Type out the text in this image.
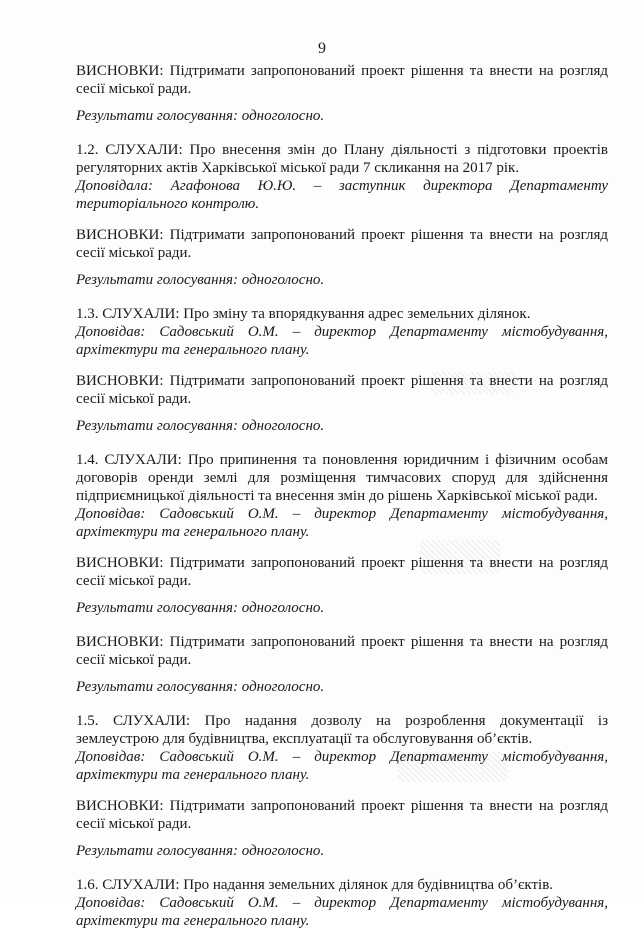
9

ВИСНОВКИ: Підтримати запропонований проект рішення та внести на розгляд сесії міської ради.

Результати голосування: одноголосно.

1.2. СЛУХАЛИ: Про внесення змін до Плану діяльності з підготовки проектів регуляторних актів Харківської міської ради 7 скликання на 2017 рік.

Доповідала: Агафонова Ю.Ю. – заступник директора Департаменту територіального контролю.

ВИСНОВКИ: Підтримати запропонований проект рішення та внести на розгляд сесії міської ради.

Результати голосування: одноголосно.

1.3. СЛУХАЛИ: Про зміну та впорядкування адрес земельних ділянок.

Доповідав: Садовський О.М. – директор Департаменту містобудування, архітектури та генерального плану.

ВИСНОВКИ: Підтримати запропонований проект рішення та внести на розгляд сесії міської ради.

Результати голосування: одноголосно.

1.4. СЛУХАЛИ: Про припинення та поновлення юридичним і фізичним особам договорів оренди землі для розміщення тимчасових споруд для здійснення підприємницької діяльності та внесення змін до рішень Харківської міської ради.

Доповідав: Садовський О.М. – директор Департаменту містобудування, архітектури та генерального плану.

ВИСНОВКИ: Підтримати запропонований проект рішення та внести на розгляд сесії міської ради.

Результати голосування: одноголосно.

ВИСНОВКИ: Підтримати запропонований проект рішення та внести на розгляд сесії міської ради.

Результати голосування: одноголосно.

1.5. СЛУХАЛИ: Про надання дозволу на розроблення документації із землеустрою для будівництва, експлуатації та обслуговування об’єктів.

Доповідав: Садовський О.М. – директор Департаменту містобудування, архітектури та генерального плану.

ВИСНОВКИ: Підтримати запропонований проект рішення та внести на розгляд сесії міської ради.

Результати голосування: одноголосно.

1.6. СЛУХАЛИ: Про надання земельних ділянок для будівництва об’єктів.

Доповідав: Садовський О.М. – директор Департаменту містобудування, архітектури та генерального плану.
